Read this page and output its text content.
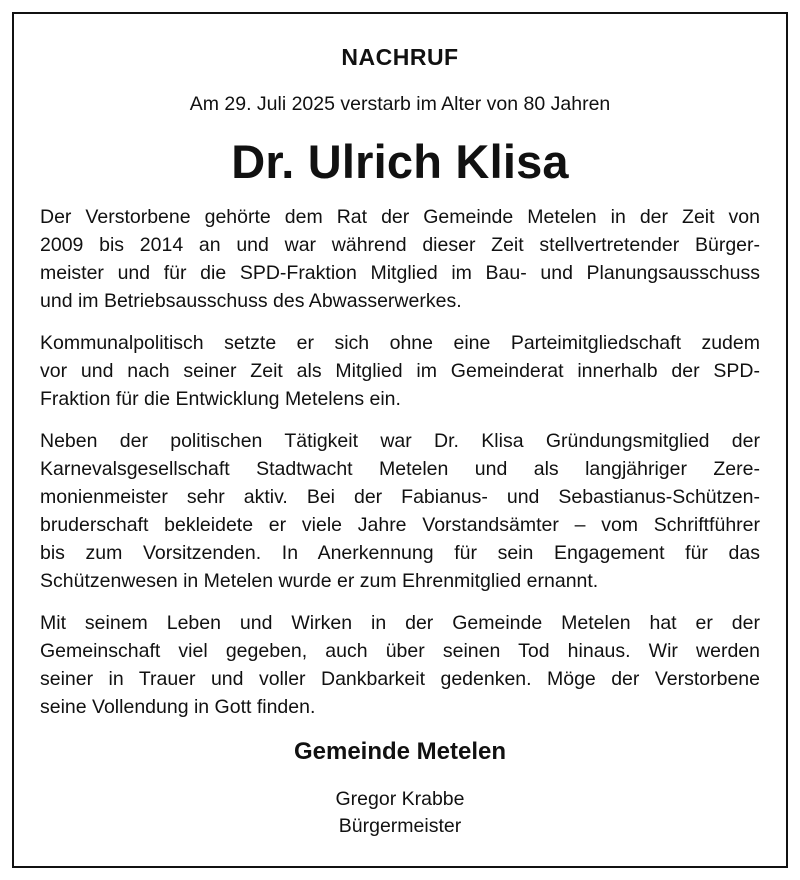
NACHRUF
Am 29. Juli 2025 verstarb im Alter von 80 Jahren
Dr. Ulrich Klisa

Der Verstorbene gehörte dem Rat der Gemeinde Metelen in der Zeit von
2009 bis 2014 an und war während dieser Zeit stellvertretender Bürger-
meister und für die SPD-Fraktion Mitglied im Bau- und Planungsausschuss
und im Betriebsausschuss des Abwasserwerkes.

Kommunalpolitisch setzte er sich ohne eine Parteimitgliedschaft zudem
vor und nach seiner Zeit als Mitglied im Gemeinderat innerhalb der SPD-
Fraktion für die Entwicklung Metelens ein.

Neben der politischen Tätigkeit war Dr. Klisa Gründungsmitglied der
Karnevalsgesellschaft Stadtwacht Metelen und als langjähriger Zere-
monienmeister sehr aktiv. Bei der Fabianus- und Sebastianus-Schützen-
bruderschaft bekleidete er viele Jahre Vorstandsämter – vom Schriftführer
bis zum Vorsitzenden. In Anerkennung für sein Engagement für das
Schützenwesen in Metelen wurde er zum Ehrenmitglied ernannt.

Mit seinem Leben und Wirken in der Gemeinde Metelen hat er der
Gemeinschaft viel gegeben, auch über seinen Tod hinaus. Wir werden
seiner in Trauer und voller Dankbarkeit gedenken. Möge der Verstorbene
seine Vollendung in Gott finden.

Gemeinde Metelen
Gregor Krabbe
Bürgermeister
